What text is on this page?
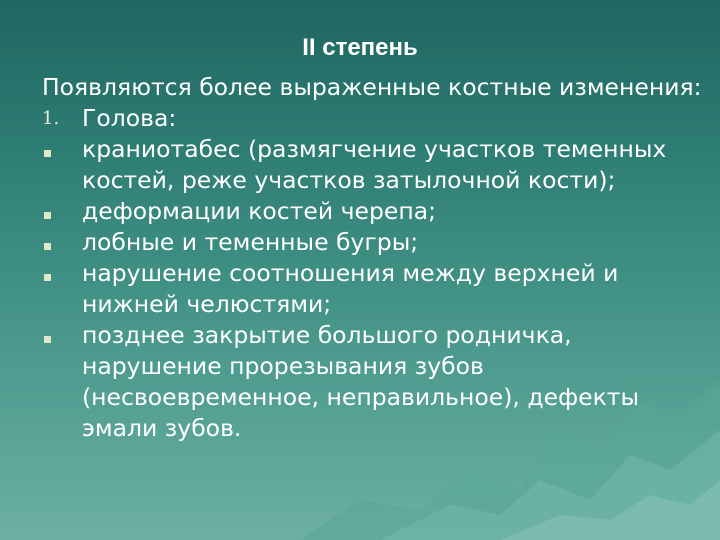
II степень

Появляются более выраженные костные изменения:

1. Голова:
краниотабес (размягчение участков теменных костей, реже участков затылочной кости);
деформации костей черепа;
лобные и теменные бугры;
нарушение соотношения между верхней и нижней челюстями;
позднее закрытие большого родничка, нарушение прорезывания зубов (несвоевременное, неправильное), дефекты эмали зубов.
